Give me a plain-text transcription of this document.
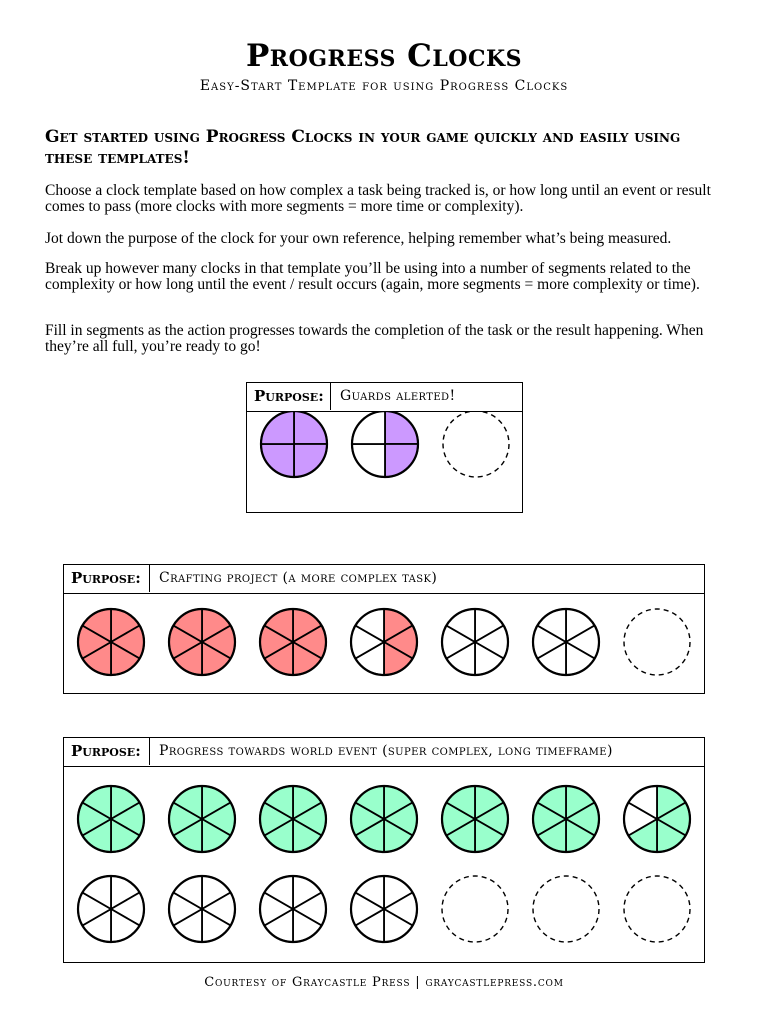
Progress Clocks
Easy-Start Template for using Progress Clocks
Get started using Progress Clocks in your game quickly and easily using these templates!

Choose a clock template based on how complex a task being tracked is, or how long until an event or result comes to pass (more clocks with more segments = more time or complexity).

Jot down the purpose of the clock for your own reference, helping remember what’s being measured.

Break up however many clocks in that template you’ll be using into a number of segments related to the complexity or how long until the event / result occurs (again, more segments = more complexity or time).

Fill in segments as the action progresses towards the completion of the task or the result happening. When they’re all full, you’re ready to go!

Purpose:	Guards alerted!
Purpose:	Crafting project (a more complex task)
Purpose:	Progress towards world event (super complex, long timeframe)
Courtesy of Graycastle Press | graycastlepress.com
